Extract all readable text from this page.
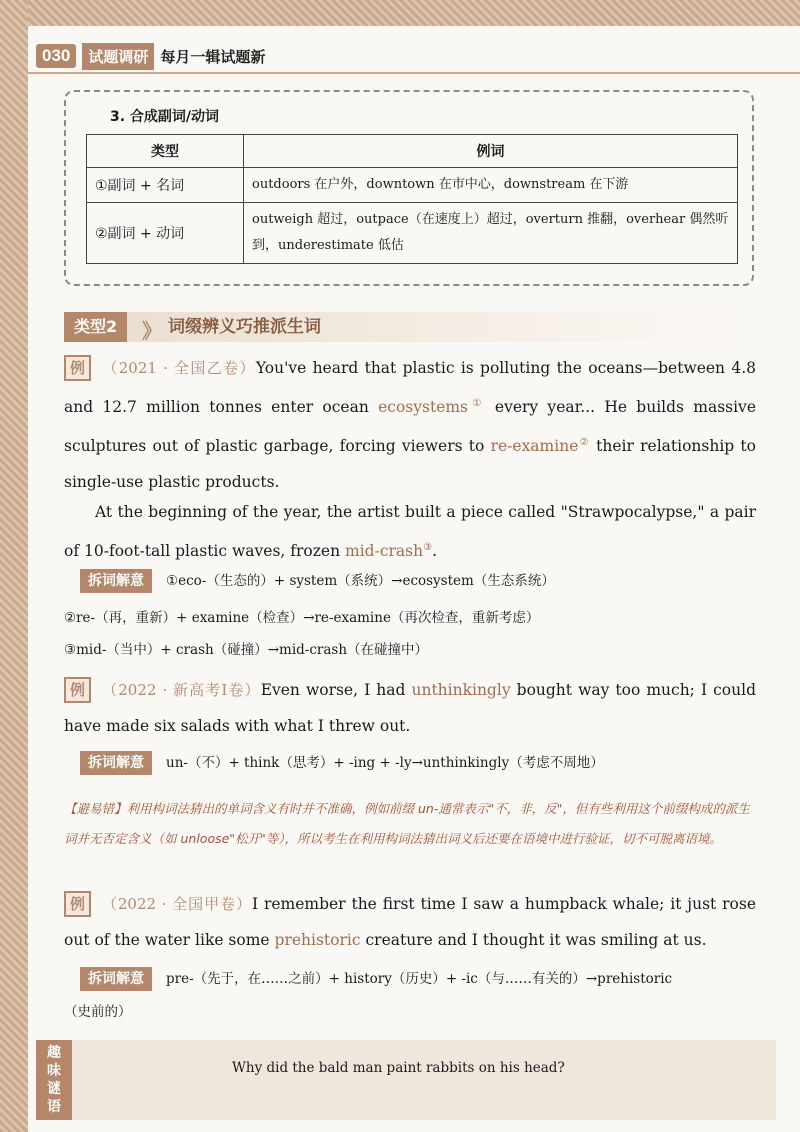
030	试题调研 每月一辑试题新
3. 合成副词/动词
类型	例词
①副词 + 名词	outdoors 在户外，downtown 在市中心，downstream 在下游
②副词 + 动词	outweigh 超过，outpace（在速度上）超过，overturn 推翻，overhear 偶然听到，underestimate 低估
类型2	》 词缀辨义巧推派生词
例 （2021 · 全国乙卷）You've heard that plastic is polluting the oceans—between 4.8 and 12.7 million tonnes enter ocean ecosystems① every year... He builds massive sculptures out of plastic garbage, forcing viewers to re-examine② their relationship to single-use plastic products.
At the beginning of the year, the artist built a piece called "Strawpocalypse," a pair of 10-foot-tall plastic waves, frozen mid-crash③.
拆词解意 ①eco-（生态的）+ system（系统）→ecosystem（生态系统）
②re-（再，重新）+ examine（检查）→re-examine（再次检查，重新考虑）
③mid-（当中）+ crash（碰撞）→mid-crash（在碰撞中）
例 （2022 · 新高考Ⅰ卷）Even worse, I had unthinkingly bought way too much; I could have made six salads with what I threw out.
拆词解意 un-（不）+ think（思考）+ -ing + -ly→unthinkingly（考虑不周地）
【避易错】利用构词法猜出的单词含义有时并不准确，例如前缀 un-通常表示"不，非，反"，但有些利用这个前缀构成的派生词并无否定含义（如 unloose"松开"等），所以考生在利用构词法猜出词义后还要在语境中进行验证，切不可脱离语境。
例 （2022 · 全国甲卷）I remember the first time I saw a humpback whale; it just rose out of the water like some prehistoric creature and I thought it was smiling at us.
拆词解意 pre-（先于，在……之前）+ history（历史）+ -ic（与……有关的）→prehistoric
（史前的）
趣
味
谜
语
Why did the bald man paint rabbits on his head?
